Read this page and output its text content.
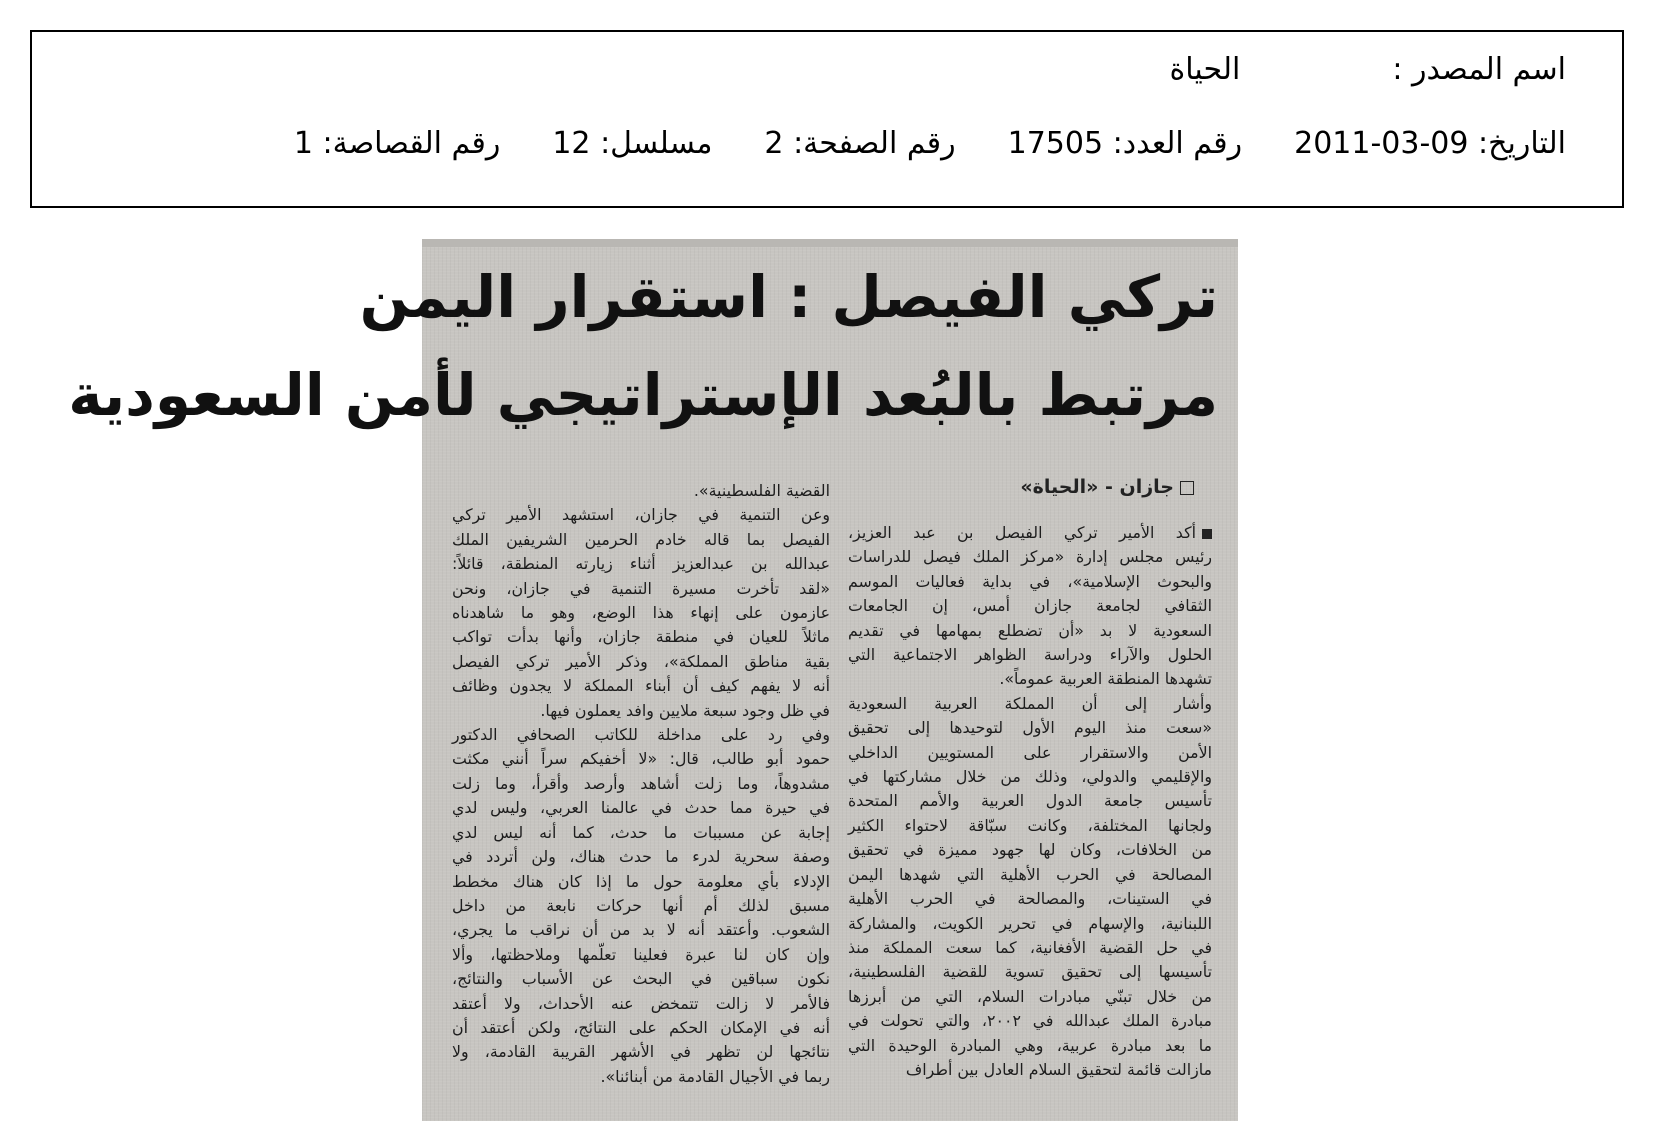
اسم المصدر :الحياة
التاريخ: 2011-03-09رقم العدد: 17505رقم الصفحة: 2مسلسل: 12رقم القصاصة: 1
تركي الفيصل : استقرار اليمن
مرتبط بالبُعد الإستراتيجي لأمن السعودية
جازان - «الحياة»
أكد الأمير تركي الفيصل بن عبد العزيز،
رئيس مجلس إدارة «مركز الملك فيصل للدراسات
والبحوث الإسلامية»، في بداية فعاليات الموسم
الثقافي لجامعة جازان أمس، إن الجامعات
السعودية لا بد «أن تضطلع بمهامها في تقديم
الحلول والآراء ودراسة الظواهر الاجتماعية التي
تشهدها المنطقة العربية عموماً».
وأشار إلى أن المملكة العربية السعودية
«سعت منذ اليوم الأول لتوحيدها إلى تحقيق
الأمن والاستقرار على المستويين الداخلي
والإقليمي والدولي، وذلك من خلال مشاركتها في
تأسيس جامعة الدول العربية والأمم المتحدة
ولجانها المختلفة، وكانت سبّاقة لاحتواء الكثير
من الخلافات، وكان لها جهود مميزة في تحقيق
المصالحة في الحرب الأهلية التي شهدها اليمن
في الستينات، والمصالحة في الحرب الأهلية
اللبنانية، والإسهام في تحرير الكويت، والمشاركة
في حل القضية الأفغانية، كما سعت المملكة منذ
تأسيسها إلى تحقيق تسوية للقضية الفلسطينية،
من خلال تبنّي مبادرات السلام، التي من أبرزها
مبادرة الملك عبدالله في ٢٠٠٢، والتي تحولت في
ما بعد مبادرة عربية، وهي المبادرة الوحيدة التي
مازالت قائمة لتحقيق السلام العادل بين أطراف
القضية الفلسطينية».
وعن التنمية في جازان، استشهد الأمير تركي
الفيصل بما قاله خادم الحرمين الشريفين الملك
عبدالله بن عبدالعزيز أثناء زيارته المنطقة، قائلاً:
«لقد تأخرت مسيرة التنمية في جازان، ونحن
عازمون على إنهاء هذا الوضع، وهو ما شاهدناه
ماثلاً للعيان في منطقة جازان، وأنها بدأت تواكب
بقية مناطق المملكة»، وذكر الأمير تركي الفيصل
أنه لا يفهم كيف أن أبناء المملكة لا يجدون وظائف
في ظل وجود سبعة ملايين وافد يعملون فيها.
وفي رد على مداخلة للكاتب الصحافي الدكتور
حمود أبو طالب، قال: «لا أخفيكم سراً أنني مكثت
مشدوهاً، وما زلت أشاهد وأرصد وأقرأ، وما زلت
في حيرة مما حدث في عالمنا العربي، وليس لدي
إجابة عن مسببات ما حدث، كما أنه ليس لدي
وصفة سحرية لدرء ما حدث هناك، ولن أتردد في
الإدلاء بأي معلومة حول ما إذا كان هناك مخطط
مسبق لذلك أم أنها حركات نابعة من داخل
الشعوب. وأعتقد أنه لا بد من أن نراقب ما يجري،
وإن كان لنا عبرة فعلينا تعلّمها وملاحظتها، وألا
نكون سباقين في البحث عن الأسباب والنتائج،
فالأمر لا زالت تتمخض عنه الأحداث، ولا أعتقد
أنه في الإمكان الحكم على النتائج، ولكن أعتقد أن
نتائجها لن تظهر في الأشهر القريبة القادمة، ولا
ربما في الأجيال القادمة من أبنائنا».
